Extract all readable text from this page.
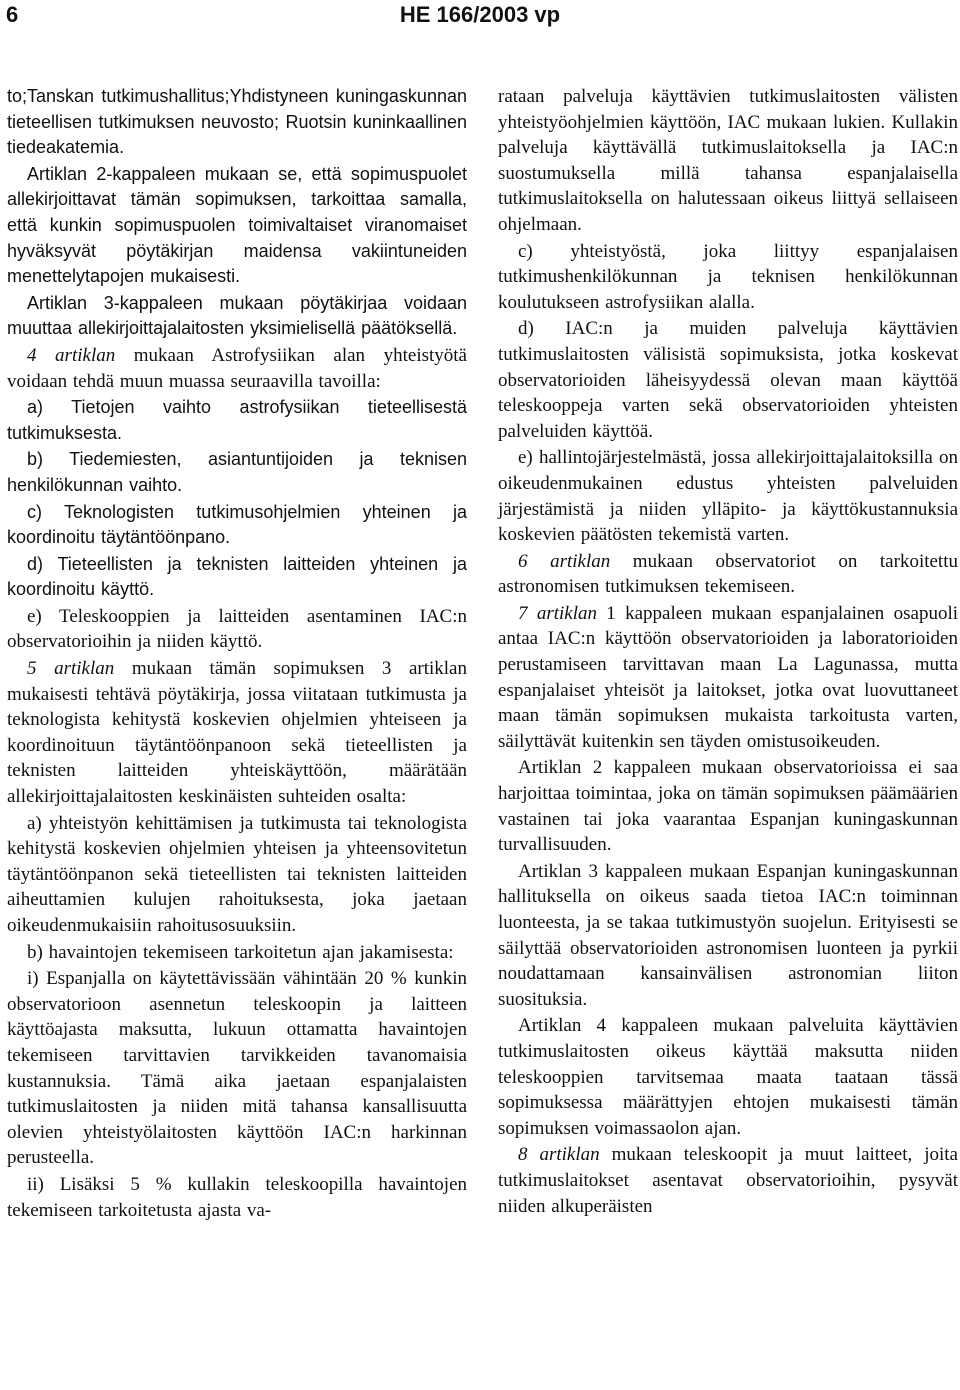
6	HE 166/2003 vp

to;Tanskan tutkimushallitus;Yhdistyneen kuningaskunnan tieteellisen tutkimuksen neuvosto; Ruotsin kuninkaallinen tiedeakatemia.

Artiklan 2-kappaleen mukaan se, että sopimuspuolet allekirjoittavat tämän sopimuksen, tarkoittaa samalla, että kunkin sopimuspuolen toimivaltaiset viranomaiset hyväksyvät pöytäkirjan maidensa vakiintuneiden menettelytapojen mukaisesti.

Artiklan 3-kappaleen mukaan pöytäkirjaa voidaan muuttaa allekirjoittajalaitosten yksimielisellä päätöksellä.

4 artiklan mukaan Astrofysiikan alan yhteistyötä voidaan tehdä muun muassa seuraavilla tavoilla:

a) Tietojen vaihto astrofysiikan tieteellisestä tutkimuksesta.

b) Tiedemiesten, asiantuntijoiden ja teknisen henkilökunnan vaihto.

c) Teknologisten tutkimusohjelmien yhteinen ja koordinoitu täytäntöönpano.

d) Tieteellisten ja teknisten laitteiden yhteinen ja koordinoitu käyttö.

e) Teleskooppien ja laitteiden asentaminen IAC:n observatorioihin ja niiden käyttö.

5 artiklan mukaan tämän sopimuksen 3 artiklan mukaisesti tehtävä pöytäkirja, jossa viitataan tutkimusta ja teknologista kehitystä koskevien ohjelmien yhteiseen ja koordinoituun täytäntöönpanoon sekä tieteellisten ja teknisten laitteiden yhteiskäyttöön, määrätään allekirjoittajalaitosten keskinäisten suhteiden osalta:

a) yhteistyön kehittämisen ja tutkimusta tai teknologista kehitystä koskevien ohjelmien yhteisen ja yhteensovitetun täytäntöönpanon sekä tieteellisten tai teknisten laitteiden aiheuttamien kulujen rahoituksesta, joka jaetaan oikeudenmukaisiin rahoitusosuuksiin.

b) havaintojen tekemiseen tarkoitetun ajan jakamisesta:

i) Espanjalla on käytettävissään vähintään 20 % kunkin observatorioon asennetun teleskoopin ja laitteen käyttöajasta maksutta, lukuun ottamatta havaintojen tekemiseen tarvittavien tarvikkeiden tavanomaisia kustannuksia. Tämä aika jaetaan espanjalaisten tutkimuslaitosten ja niiden mitä tahansa kansallisuutta olevien yhteistyölaitosten käyttöön IAC:n harkinnan perusteella.

ii) Lisäksi 5 % kullakin teleskoopilla havaintojen tekemiseen tarkoitetusta ajasta va-

rataan palveluja käyttävien tutkimuslaitosten välisten yhteistyöohjelmien käyttöön, IAC mukaan lukien. Kullakin palveluja käyttävällä tutkimuslaitoksella ja IAC:n suostumuksella millä tahansa espanjalaisella tutkimuslaitoksella on halutessaan oikeus liittyä sellaiseen ohjelmaan.

c) yhteistyöstä, joka liittyy espanjalaisen tutkimushenkilökunnan ja teknisen henkilökunnan koulutukseen astrofysiikan alalla.

d) IAC:n ja muiden palveluja käyttävien tutkimuslaitosten välisistä sopimuksista, jotka koskevat observatorioiden läheisyydessä olevan maan käyttöä teleskooppeja varten sekä observatorioiden yhteisten palveluiden käyttöä.

e) hallintojärjestelmästä, jossa allekirjoittajalaitoksilla on oikeudenmukainen edustus yhteisten palveluiden järjestämistä ja niiden ylläpito- ja käyttökustannuksia koskevien päätösten tekemistä varten.

6 artiklan mukaan observatoriot on tarkoitettu astronomisen tutkimuksen tekemiseen.

7 artiklan 1 kappaleen mukaan espanjalainen osapuoli antaa IAC:n käyttöön observatorioiden ja laboratorioiden perustamiseen tarvittavan maan La Lagunassa, mutta espanjalaiset yhteisöt ja laitokset, jotka ovat luovuttaneet maan tämän sopimuksen mukaista tarkoitusta varten, säilyttävät kuitenkin sen täyden omistusoikeuden.

Artiklan 2 kappaleen mukaan observatorioissa ei saa harjoittaa toimintaa, joka on tämän sopimuksen päämäärien vastainen tai joka vaarantaa Espanjan kuningaskunnan turvallisuuden.

Artiklan 3 kappaleen mukaan Espanjan kuningaskunnan hallituksella on oikeus saada tietoa IAC:n toiminnan luonteesta, ja se takaa tutkimustyön suojelun. Erityisesti se säilyttää observatorioiden astronomisen luonteen ja pyrkii noudattamaan kansainvälisen astronomian liiton suosituksia.

Artiklan 4 kappaleen mukaan palveluita käyttävien tutkimuslaitosten oikeus käyttää maksutta niiden teleskooppien tarvitsemaa maata taataan tässä sopimuksessa määrättyjen ehtojen mukaisesti tämän sopimuksen voimassaolon ajan.

8 artiklan mukaan teleskoopit ja muut laitteet, joita tutkimuslaitokset asentavat observatorioihin, pysyvät niiden alkuperäisten
